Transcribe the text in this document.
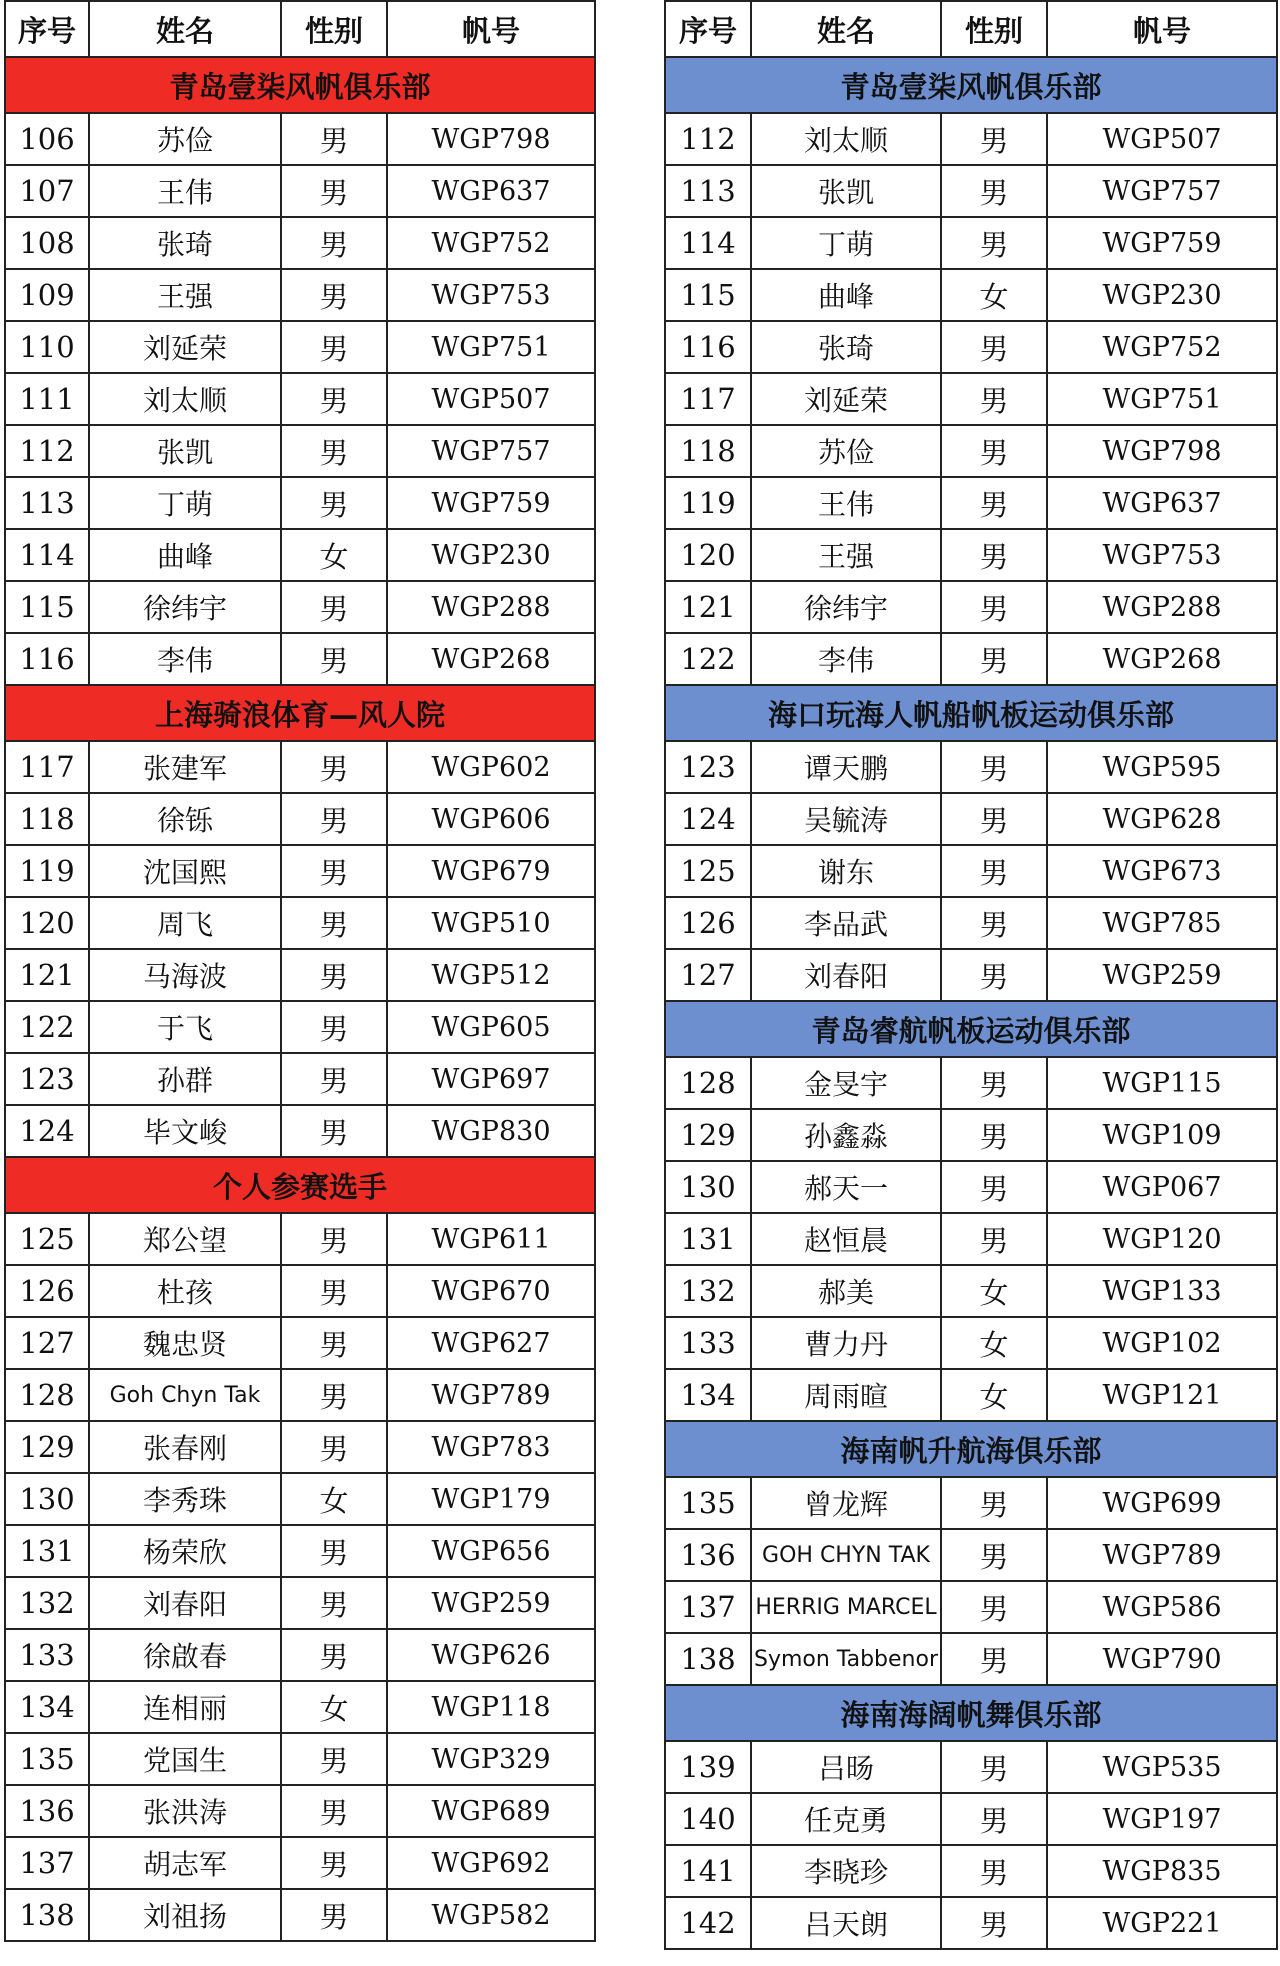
序号	姓名	性别	帆号
青岛壹柒风帆俱乐部			
106	苏俭	男	WGP798
107	王伟	男	WGP637
108	张琦	男	WGP752
109	王强	男	WGP753
110	刘延荣	男	WGP751
111	刘太顺	男	WGP507
112	张凯	男	WGP757
113	丁萌	男	WGP759
114	曲峰	女	WGP230
115	徐纬宇	男	WGP288
116	李伟	男	WGP268
上海骑浪体育—风人院			
117	张建军	男	WGP602
118	徐铄	男	WGP606
119	沈国熙	男	WGP679
120	周飞	男	WGP510
121	马海波	男	WGP512
122	于飞	男	WGP605
123	孙群	男	WGP697
124	毕文峻	男	WGP830
个人参赛选手			
125	郑公望	男	WGP611
126	杜孩	男	WGP670
127	魏忠贤	男	WGP627
128	Goh Chyn Tak	男	WGP789
129	张春刚	男	WGP783
130	李秀珠	女	WGP179
131	杨荣欣	男	WGP656
132	刘春阳	男	WGP259
133	徐啟春	男	WGP626
134	连相丽	女	WGP118
135	党国生	男	WGP329
136	张洪涛	男	WGP689
137	胡志军	男	WGP692
138	刘祖扬	男	WGP582
序号	姓名	性别	帆号
青岛壹柒风帆俱乐部			
112	刘太顺	男	WGP507
113	张凯	男	WGP757
114	丁萌	男	WGP759
115	曲峰	女	WGP230
116	张琦	男	WGP752
117	刘延荣	男	WGP751
118	苏俭	男	WGP798
119	王伟	男	WGP637
120	王强	男	WGP753
121	徐纬宇	男	WGP288
122	李伟	男	WGP268
海口玩海人帆船帆板运动俱乐部			
123	谭天鹏	男	WGP595
124	吴毓涛	男	WGP628
125	谢东	男	WGP673
126	李品武	男	WGP785
127	刘春阳	男	WGP259
青岛睿航帆板运动俱乐部			
128	金旻宇	男	WGP115
129	孙鑫淼	男	WGP109
130	郝天一	男	WGP067
131	赵恒晨	男	WGP120
132	郝美	女	WGP133
133	曹力丹	女	WGP102
134	周雨暄	女	WGP121
海南帆升航海俱乐部			
135	曾龙辉	男	WGP699
136	GOH CHYN TAK	男	WGP789
137	HERRIG MARCEL	男	WGP586
138	Symon Tabbenor	男	WGP790
海南海阔帆舞俱乐部			
139	吕旸	男	WGP535
140	任克勇	男	WGP197
141	李晓珍	男	WGP835
142	吕天朗	男	WGP221
